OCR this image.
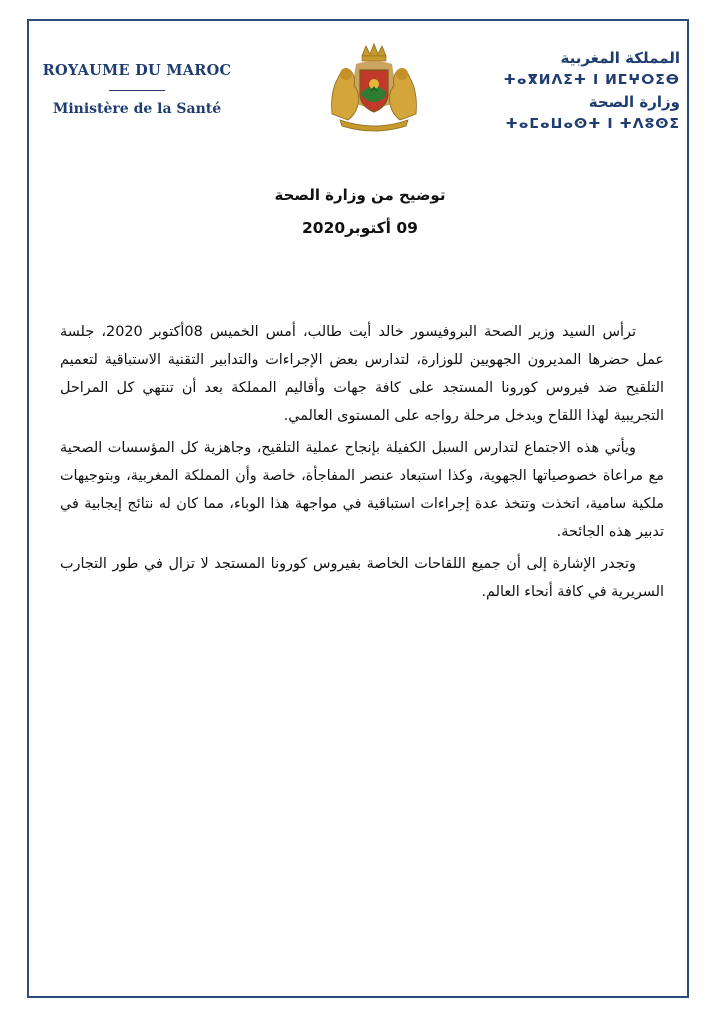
ROYAUME DU MAROC
Ministère de la Santé
المملكة المغربية
ⵜⴰⴳⵍⴷⵉⵜ ⵏ ⵍⵎⵖⵔⵉⴱ
وزارة الصحة
ⵜⴰⵎⴰⵡⴰⵙⵜ ⵏ ⵜⴷⵓⵙⵉ
توضيح من وزارة الصحة
09 أكتوبر2020

ترأس السيد وزير الصحة البروفيسور خالد أيت طالب، أمس الخميس 08أكتوبر 2020، جلسة عمل حضرها المديرون الجهويين للوزارة، لتدارس بعض الإجراءات والتدابير التقنية الاستباقية لتعميم التلقيح ضد فيروس كورونا المستجد على كافة جهات وأقاليم المملكة بعد أن تنتهي كل المراحل التجريبية لهذا اللقاح ويدخل مرحلة رواجه على المستوى العالمي.

ويأتي هذه الاجتماع لتدارس السبل الكفيلة بإنجاح عملية التلقيح، وجاهزية كل المؤسسات الصحية مع مراعاة خصوصياتها الجهوية، وكذا استبعاد عنصر المفاجأة، خاصة وأن المملكة المغربية، وبتوجيهات ملكية سامية، اتخذت وتتخذ عدة إجراءات استباقية في مواجهة هذا الوباء، مما كان له نتائج إيجابية في تدبير هذه الجائحة.

وتجدر الإشارة إلى أن جميع اللقاحات الخاصة بفيروس كورونا المستجد لا تزال في طور التجارب السريرية في كافة أنحاء العالم.
